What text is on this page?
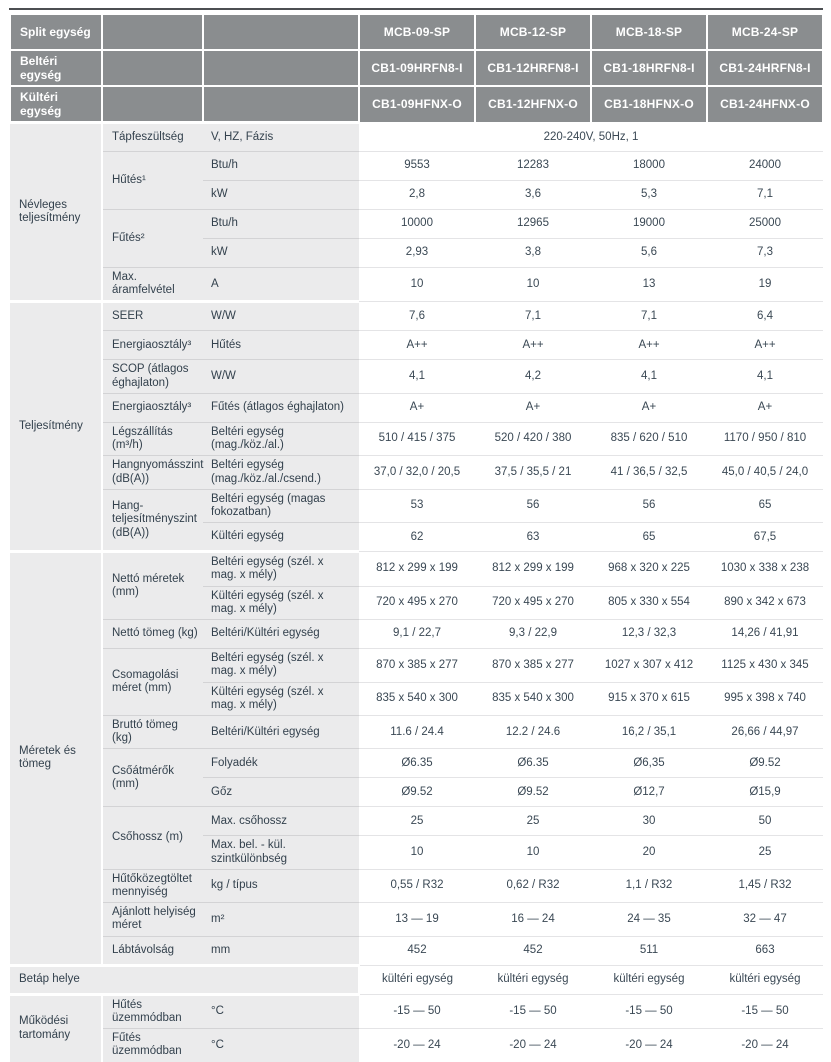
Split egység			MCB-09-SP	MCB-12-SP	MCB-18-SP	MCB-24-SP
Beltéri egység			CB1-09HRFN8-I	CB1-12HRFN8-I	CB1-18HRFN8-I	CB1-24HRFN8-I
Kültéri egység			CB1-09HFNX-O	CB1-12HFNX-O	CB1-18HFNX-O	CB1-24HFNX-O
Névleges teljesítmény	Tápfeszültség	V, HZ, Fázis	220-240V, 50Hz, 1			
	Hűtés¹	Btu/h	9553	12283	18000	24000
		kW	2,8	3,6	5,3	7,1
	Fűtés²	Btu/h	10000	12965	19000	25000
		kW	2,93	3,8	5,6	7,3
	Max. áramfelvétel	A	10	10	13	19
Teljesítmény	SEER	W/W	7,6	7,1	7,1	6,4
	Energiaosztály³	Hűtés	A++	A++	A++	A++
	SCOP (átlagos éghajlaton)	W/W	4,1	4,2	4,1	4,1
	Energiaosztály³	Fűtés (átlagos éghajlaton)	A+	A+	A+	A+
	Légszállítás (m³/h)	Beltéri egység (mag./köz./al.)	510 / 415 / 375	520 / 420 / 380	835 / 620 / 510	1170 / 950 / 810
	Hangnyomásszint (dB(A))	Beltéri egység (mag./köz./al./csend.)	37,0 / 32,0 / 20,5	37,5 / 35,5 / 21	41 / 36,5 / 32,5	45,0 / 40,5 / 24,0
	Hang-teljesítményszint (dB(A))	Beltéri egység (magas fokozatban)	53	56	56	65
		Kültéri egység	62	63	65	67,5
Méretek és tömeg	Nettó méretek (mm)	Beltéri egység (szél. x mag. x mély)	812 x 299 x 199	812 x 299 x 199	968 x 320 x 225	1030 x 338 x 238
		Kültéri egység (szél. x mag. x mély)	720 x 495 x 270	720 x 495 x 270	805 x 330 x 554	890 x 342 x 673
	Nettó tömeg (kg)	Beltéri/Kültéri egység	9,1 / 22,7	9,3 / 22,9	12,3 / 32,3	14,26 / 41,91
	Csomagolási méret (mm)	Beltéri egység (szél. x mag. x mély)	870 x 385 x 277	870 x 385 x 277	1027 x 307 x 412	1125 x 430 x 345
		Kültéri egység (szél. x mag. x mély)	835 x 540 x 300	835 x 540 x 300	915 x 370 x 615	995 x 398 x 740
	Bruttó tömeg (kg)	Beltéri/Kültéri egység	11.6 / 24.4	12.2 / 24.6	16,2 / 35,1	26,66 / 44,97
	Csőátmérők (mm)	Folyadék	Ø6.35	Ø6.35	Ø6,35	Ø9.52
		Gőz	Ø9.52	Ø9.52	Ø12,7	Ø15,9
	Csőhossz (m)	Max. csőhossz	25	25	30	50
		Max. bel. - kül. szintkülönbség	10	10	20	25
	Hűtőközegtöltet mennyiség	kg / típus	0,55 / R32	0,62 / R32	1,1 / R32	1,45 / R32
	Ajánlott helyiség méret	m²	13 — 19	16 — 24	24 — 35	32 — 47
	Lábtávolság	mm	452	452	511	663
Betáp helye			kültéri egység	kültéri egység	kültéri egység	kültéri egység
Működési tartomány	Hűtés üzemmódban	°C	-15 — 50	-15 — 50	-15 — 50	-15 — 50
	Fűtés üzemmódban	°C	-20 — 24	-20 — 24	-20 — 24	-20 — 24
